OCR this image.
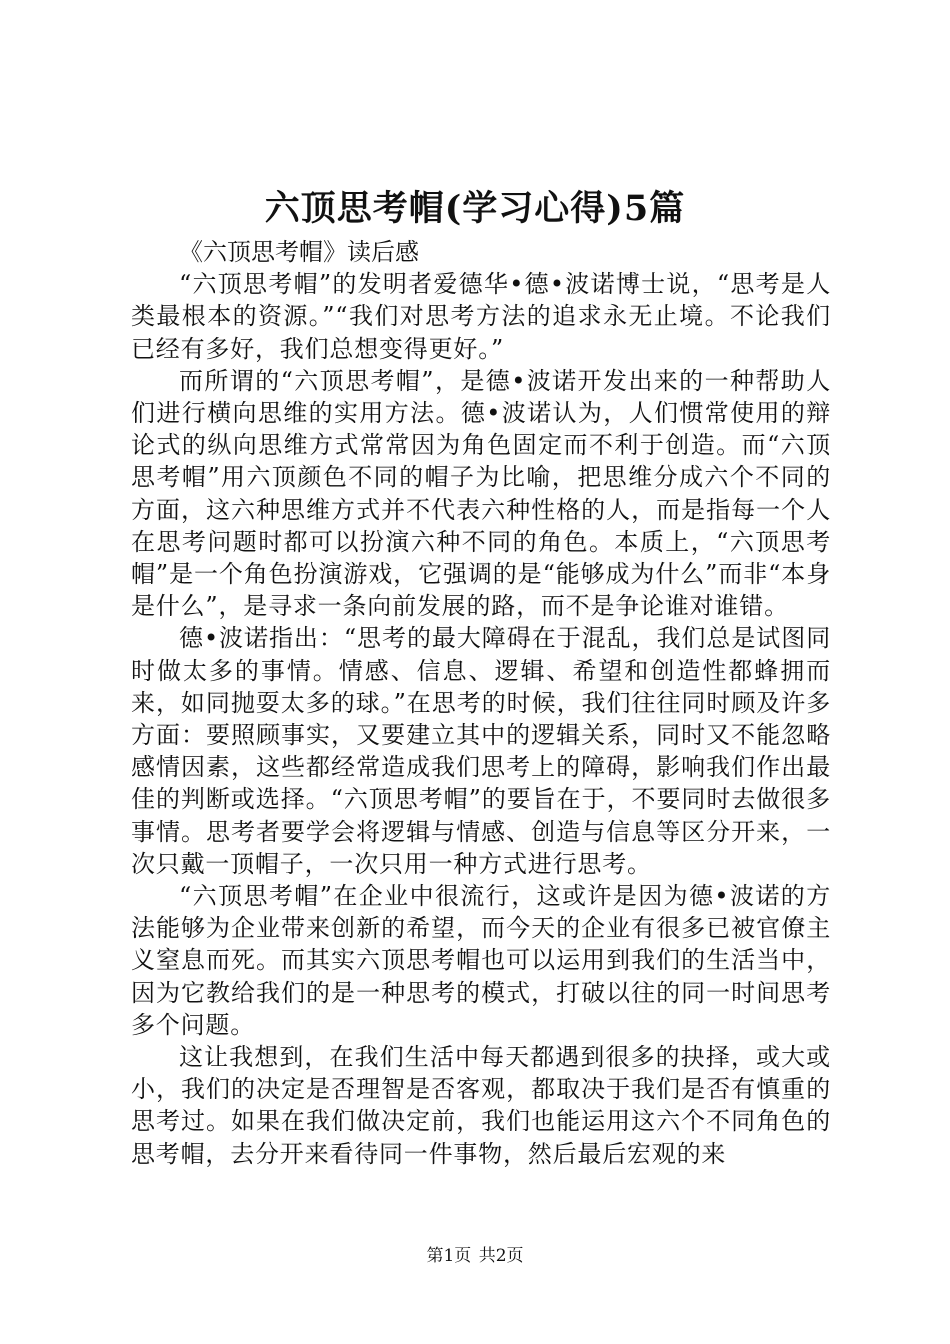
六顶思考帽(学习心得)5篇

《六顶思考帽》读后感

“六顶思考帽”的发明者爱德华•德•波诺博士说，“思考是人类最根本的资源。”“我们对思考方法的追求永无止境。不论我们已经有多好，我们总想变得更好。”

而所谓的“六顶思考帽”，是德•波诺开发出来的一种帮助人们进行横向思维的实用方法。德•波诺认为，人们惯常使用的辩论式的纵向思维方式常常因为角色固定而不利于创造。而“六顶思考帽”用六顶颜色不同的帽子为比喻，把思维分成六个不同的方面，这六种思维方式并不代表六种性格的人，而是指每一个人在思考问题时都可以扮演六种不同的角色。本质上，“六顶思考帽”是一个角色扮演游戏，它强调的是“能够成为什么”而非“本身是什么”，是寻求一条向前发展的路，而不是争论谁对谁错。

德•波诺指出：“思考的最大障碍在于混乱，我们总是试图同时做太多的事情。情感、信息、逻辑、希望和创造性都蜂拥而来，如同抛耍太多的球。”在思考的时候，我们往往同时顾及许多方面：要照顾事实，又要建立其中的逻辑关系，同时又不能忽略感情因素，这些都经常造成我们思考上的障碍，影响我们作出最佳的判断或选择。“六顶思考帽”的要旨在于，不要同时去做很多事情。思考者要学会将逻辑与情感、创造与信息等区分开来，一次只戴一顶帽子，一次只用一种方式进行思考。

“六顶思考帽”在企业中很流行，这或许是因为德•波诺的方法能够为企业带来创新的希望，而今天的企业有很多已被官僚主义窒息而死。而其实六顶思考帽也可以运用到我们的生活当中，因为它教给我们的是一种思考的模式，打破以往的同一时间思考多个问题。

这让我想到，在我们生活中每天都遇到很多的抉择，或大或小，我们的决定是否理智是否客观，都取决于我们是否有慎重的思考过。如果在我们做决定前，我们也能运用这六个不同角色的思考帽，去分开来看待同一件事物，然后最后宏观的来

第1页 共2页
